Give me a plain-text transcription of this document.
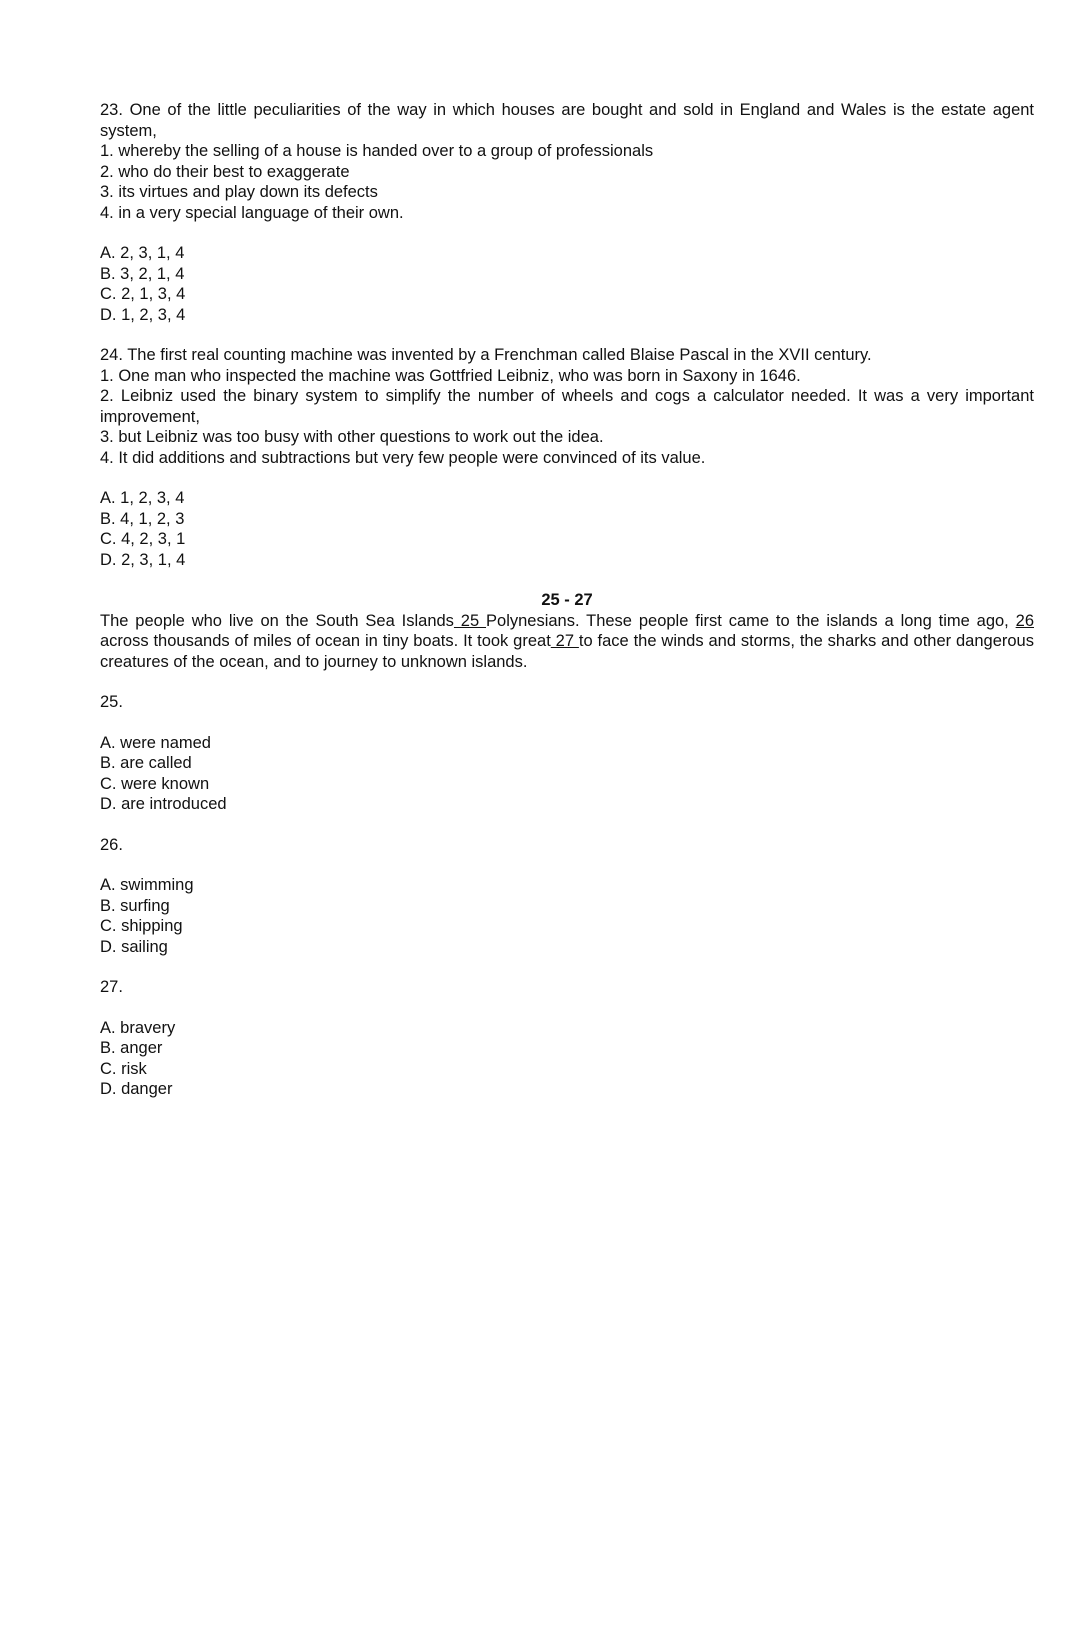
23. One of the little peculiarities of the way in which houses are bought and sold in England and Wales is the estate agent system,

1. whereby the selling of a house is handed over to a group of professionals
2. who do their best to exaggerate
3. its virtues and play down its defects
4. in a very special language of their own.
A. 2, 3, 1, 4
B. 3, 2, 1, 4
C. 2, 1, 3, 4
D. 1, 2, 3, 4

24. The first real counting machine was invented by a Frenchman called Blaise Pascal in the XVII century.

1. One man who inspected the machine was Gottfried Leibniz, who was born in Saxony in 1646.
2. Leibniz used the binary system to simplify the number of wheels and cogs a calculator needed. It was a very important improvement,
3. but Leibniz was too busy with other questions to work out the idea.
4. It did additions and subtractions but very few people were convinced of its value.
A. 1, 2, 3, 4
B. 4, 1, 2, 3
C. 4, 2, 3, 1
D. 2, 3, 1, 4
25 - 27

The people who live on the South Sea Islands 25 Polynesians. These people first came to the islands a long time ago, 26 across thousands of miles of ocean in tiny boats. It took great 27 to face the winds and storms, the sharks and other dangerous creatures of the ocean, and to journey to unknown islands.

25.
A. were named
B. are called
C. were known
D. are introduced
26.
A. swimming
B. surfing
C. shipping
D. sailing
27.
A. bravery
B. anger
C. risk
D. danger
